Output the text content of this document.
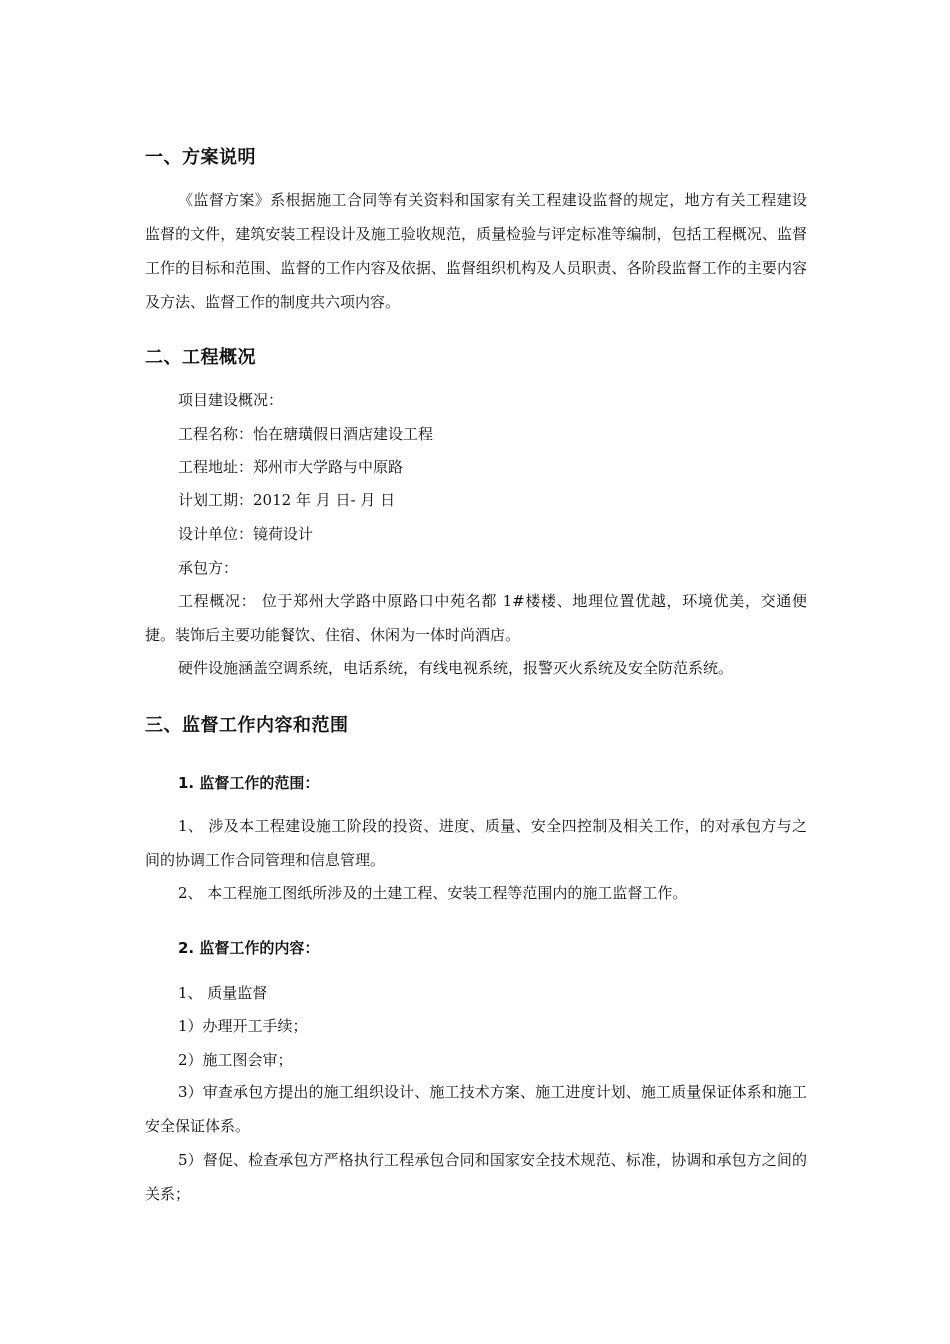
一、方案说明

《监督方案》系根据施工合同等有关资料和国家有关工程建设监督的规定，地方有关工程建设监督的文件，建筑安装工程设计及施工验收规范，质量检验与评定标准等编制，包括工程概况、监督工作的目标和范围、监督的工作内容及依据、监督组织机构及人员职责、各阶段监督工作的主要内容及方法、监督工作的制度共六项内容。

二、工程概况
项目建设概况：
工程名称：怡在瑭璜假日酒店建设工程
工程地址：郑州市大学路与中原路
计划工期：2012 年 月 日- 月 日
设计单位：镜荷设计
承包方：

工程概况： 位于郑州大学路中原路口中苑名都 1#楼楼、地理位置优越，环境优美，交通便捷。装饰后主要功能餐饮、住宿、休闲为一体时尚酒店。

硬件设施涵盖空调系统，电话系统，有线电视系统，报警灭火系统及安全防范系统。

三、监督工作内容和范围
1. 监督工作的范围：

1、 涉及本工程建设施工阶段的投资、进度、质量、安全四控制及相关工作，的对承包方与之间的协调工作合同管理和信息管理。

2、 本工程施工图纸所涉及的土建工程、安装工程等范围内的施工监督工作。

2. 监督工作的内容：
1、 质量监督
1）办理开工手续；
2）施工图会审；

3）审查承包方提出的施工组织设计、施工技术方案、施工进度计划、施工质量保证体系和施工安全保证体系。

5）督促、检查承包方严格执行工程承包合同和国家安全技术规范、标准，协调和承包方之间的关系；
